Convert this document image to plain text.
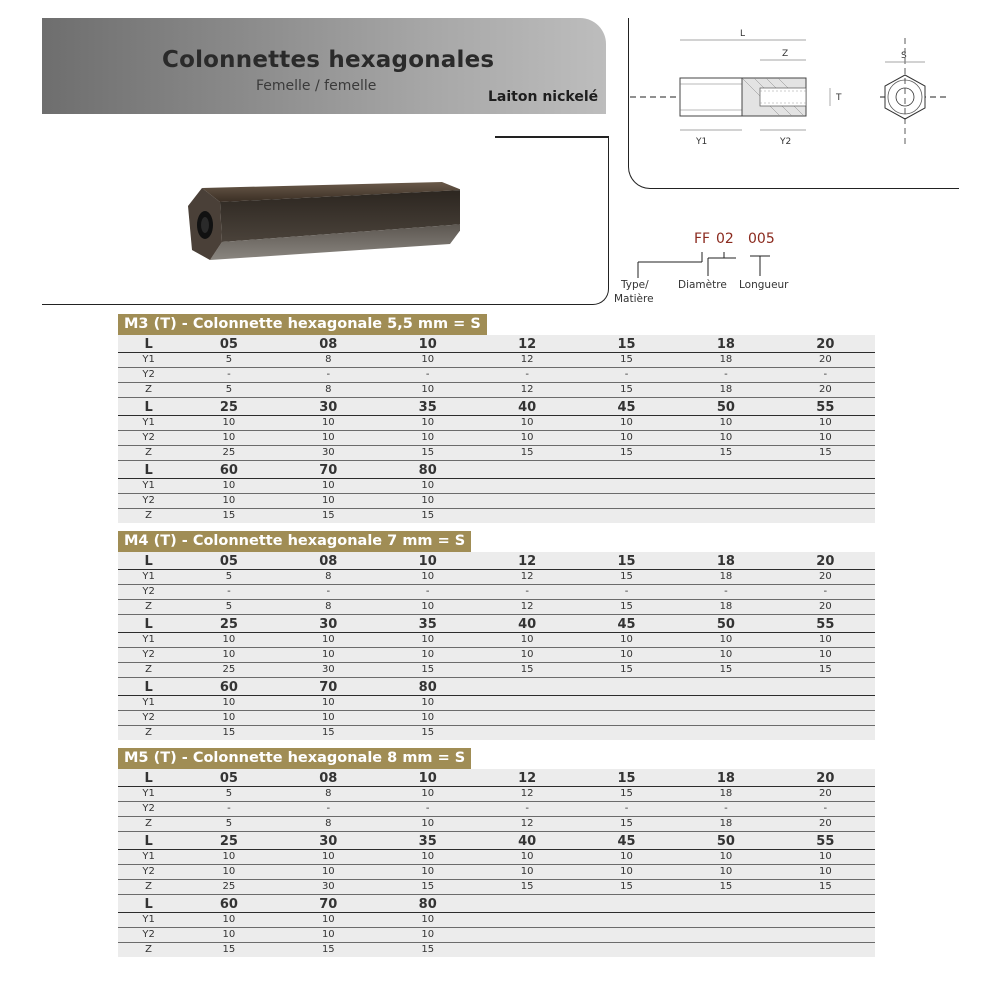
Colonnettes hexagonales
Femelle / femelle
Laiton nickelé
L
Z
T
Y1	Y2
S
FF 02 005
Type/
Matière
Diamètre Longueur
M3 (T) - Colonnette hexagonale 5,5 mm = S
L	05	08	10	12	15	18	20
Y1	5	8	10	12	15	18	20
Y2	-	-	-	-	-	-	-
Z	5	8	10	12	15	18	20
L	25	30	35	40	45	50	55
Y1	10	10	10	10	10	10	10
Y2	10	10	10	10	10	10	10
Z	25	30	15	15	15	15	15
L	60	70	80
Y1	10	10	10
Y2	10	10	10
Z	15	15	15
M4 (T) - Colonnette hexagonale 7 mm = S
L	05	08	10	12	15	18	20
Y1	5	8	10	12	15	18	20
Y2	-	-	-	-	-	-	-
Z	5	8	10	12	15	18	20
L	25	30	35	40	45	50	55
Y1	10	10	10	10	10	10	10
Y2	10	10	10	10	10	10	10
Z	25	30	15	15	15	15	15
L	60	70	80
Y1	10	10	10
Y2	10	10	10
Z	15	15	15
M5 (T) - Colonnette hexagonale 8 mm = S
L	05	08	10	12	15	18	20
Y1	5	8	10	12	15	18	20
Y2	-	-	-	-	-	-	-
Z	5	8	10	12	15	18	20
L	25	30	35	40	45	50	55
Y1	10	10	10	10	10	10	10
Y2	10	10	10	10	10	10	10
Z	25	30	15	15	15	15	15
L	60	70	80
Y1	10	10	10
Y2	10	10	10
Z	15	15	15
